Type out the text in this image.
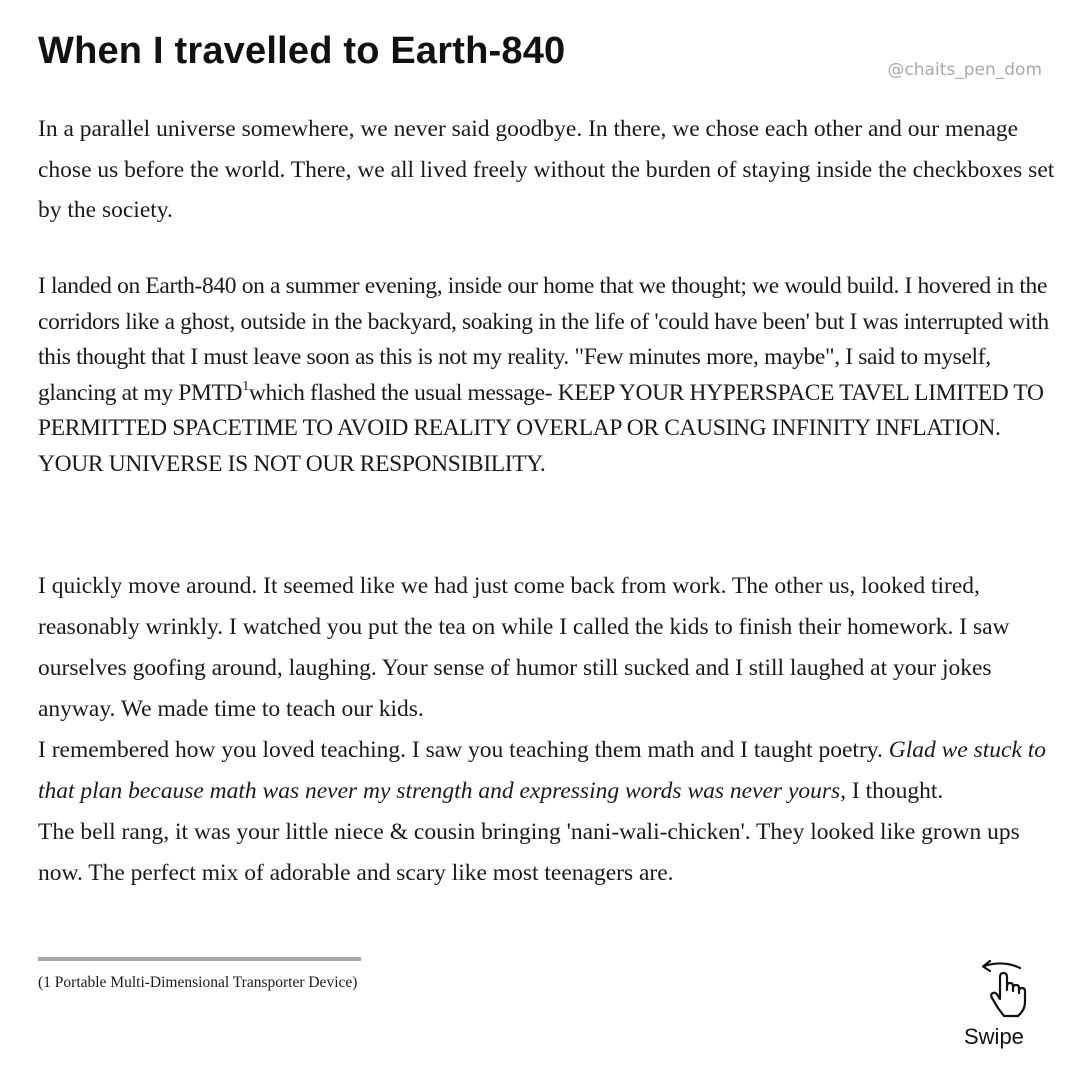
When I travelled to Earth-840	@chaits_pen_dom

In a parallel universe somewhere, we never said goodbye. In there, we chose each other and our menage chose us before the world. There, we all lived freely without the burden of staying inside the checkboxes set by the society.

I landed on Earth-840 on a summer evening, inside our home that we thought; we would build. I hovered in the corridors like a ghost, outside in the backyard, soaking in the life of 'could have been' but I was interrupted with this thought that I must leave soon as this is not my reality. "Few minutes more, maybe", I said to myself, glancing at my PMTD$^1$which flashed the usual message- KEEP YOUR HYPERSPACE TAVEL LIMITED TO PERMITTED SPACETIME TO AVOID REALITY OVERLAP OR CAUSING INFINITY INFLATION. YOUR UNIVERSE IS NOT OUR RESPONSIBILITY.

I quickly move around. It seemed like we had just come back from work. The other us, looked tired, reasonably wrinkly. I watched you put the tea on while I called the kids to finish their homework. I saw ourselves goofing around, laughing. Your sense of humor still sucked and I still laughed at your jokes anyway. We made time to teach our kids.
I remembered how you loved teaching. I saw you teaching them math and I taught poetry. Glad we stuck to that plan because math was never my strength and expressing words was never yours, I thought.
The bell rang, it was your little niece & cousin bringing 'nani-wali-chicken'. They looked like grown ups now. The perfect mix of adorable and scary like most teenagers are.

(1 Portable Multi-Dimensional Transporter Device)
Swipe
